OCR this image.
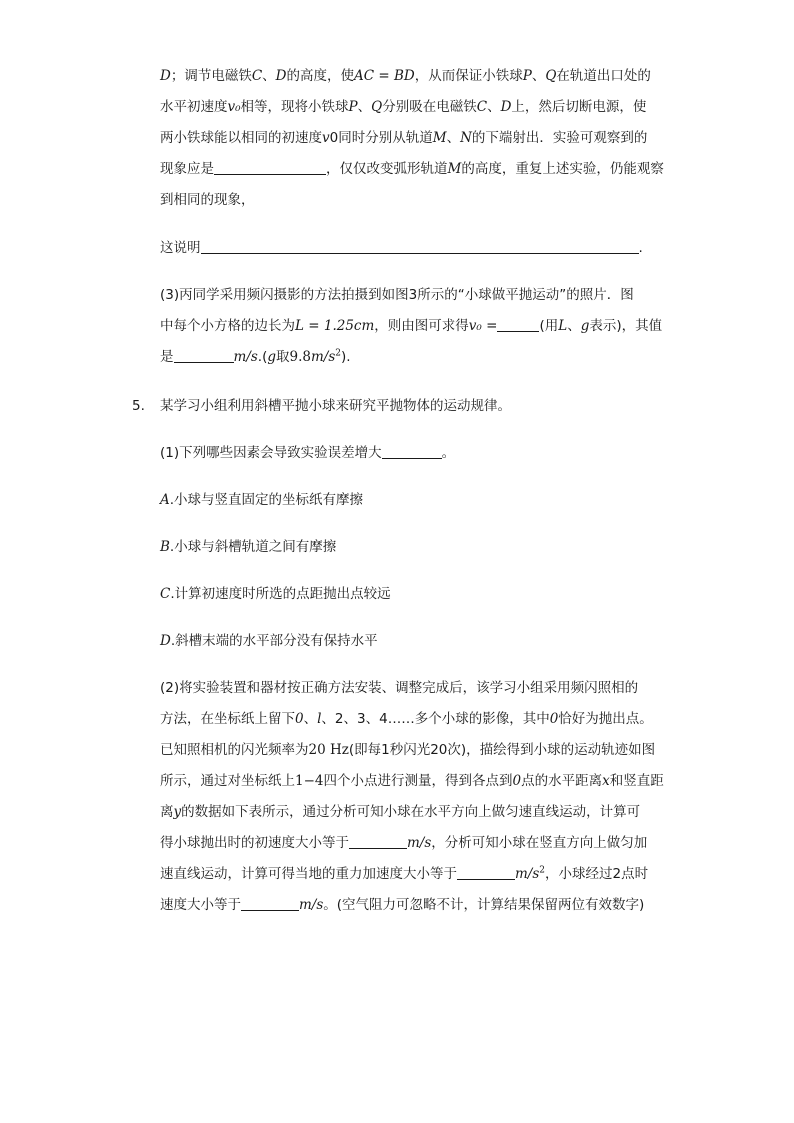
D；调节电磁铁C、D的高度，使AC = BD，从而保证小铁球P、Q在轨道出口处的
水平初速度v₀相等，现将小铁球P、Q分别吸在电磁铁C、D上，然后切断电源，使
两小铁球能以相同的初速度v0同时分别从轨道M、N的下端射出．实验可观察到的
现象应是	，仅仅改变弧形轨道M的高度，重复上述实验，仍能观察
到相同的现象，
这说明	.
(3)丙同学采用频闪摄影的方法拍摄到如图3所示的“小球做平抛运动”的照片．图
中每个小方格的边长为L = 1.25cm，则由图可求得v₀ =	(用L、g表示)，其值
是	m/s.(g取$9.8m/s^2$).
5. 某学习小组利用斜槽平抛小球来研究平抛物体的运动规律。
(1)下列哪些因素会导致实验误差增大	。
A.小球与竖直固定的坐标纸有摩擦
B.小球与斜槽轨道之间有摩擦
C.计算初速度时所选的点距抛出点较远
D.斜槽末端的水平部分没有保持水平
(2)将实验装置和器材按正确方法安装、调整完成后，该学习小组采用频闪照相的
方法，在坐标纸上留下0、l、2、3、4……多个小球的影像，其中0恰好为抛出点。
已知照相机的闪光频率为20 Hz(即每1秒闪光20次)，描绘得到小球的运动轨迹如图
所示，通过对坐标纸上1−4四个小点进行测量，得到各点到0点的水平距离x和竖直距
离y的数据如下表所示，通过分析可知小球在水平方向上做匀速直线运动，计算可
得小球抛出时的初速度大小等于	m/s，分析可知小球在竖直方向上做匀加
速直线运动，计算可得当地的重力加速度大小等于	$m/s^2$，小球经过2点时
速度大小等于	m/s。(空气阻力可忽略不计，计算结果保留两位有效数字)
